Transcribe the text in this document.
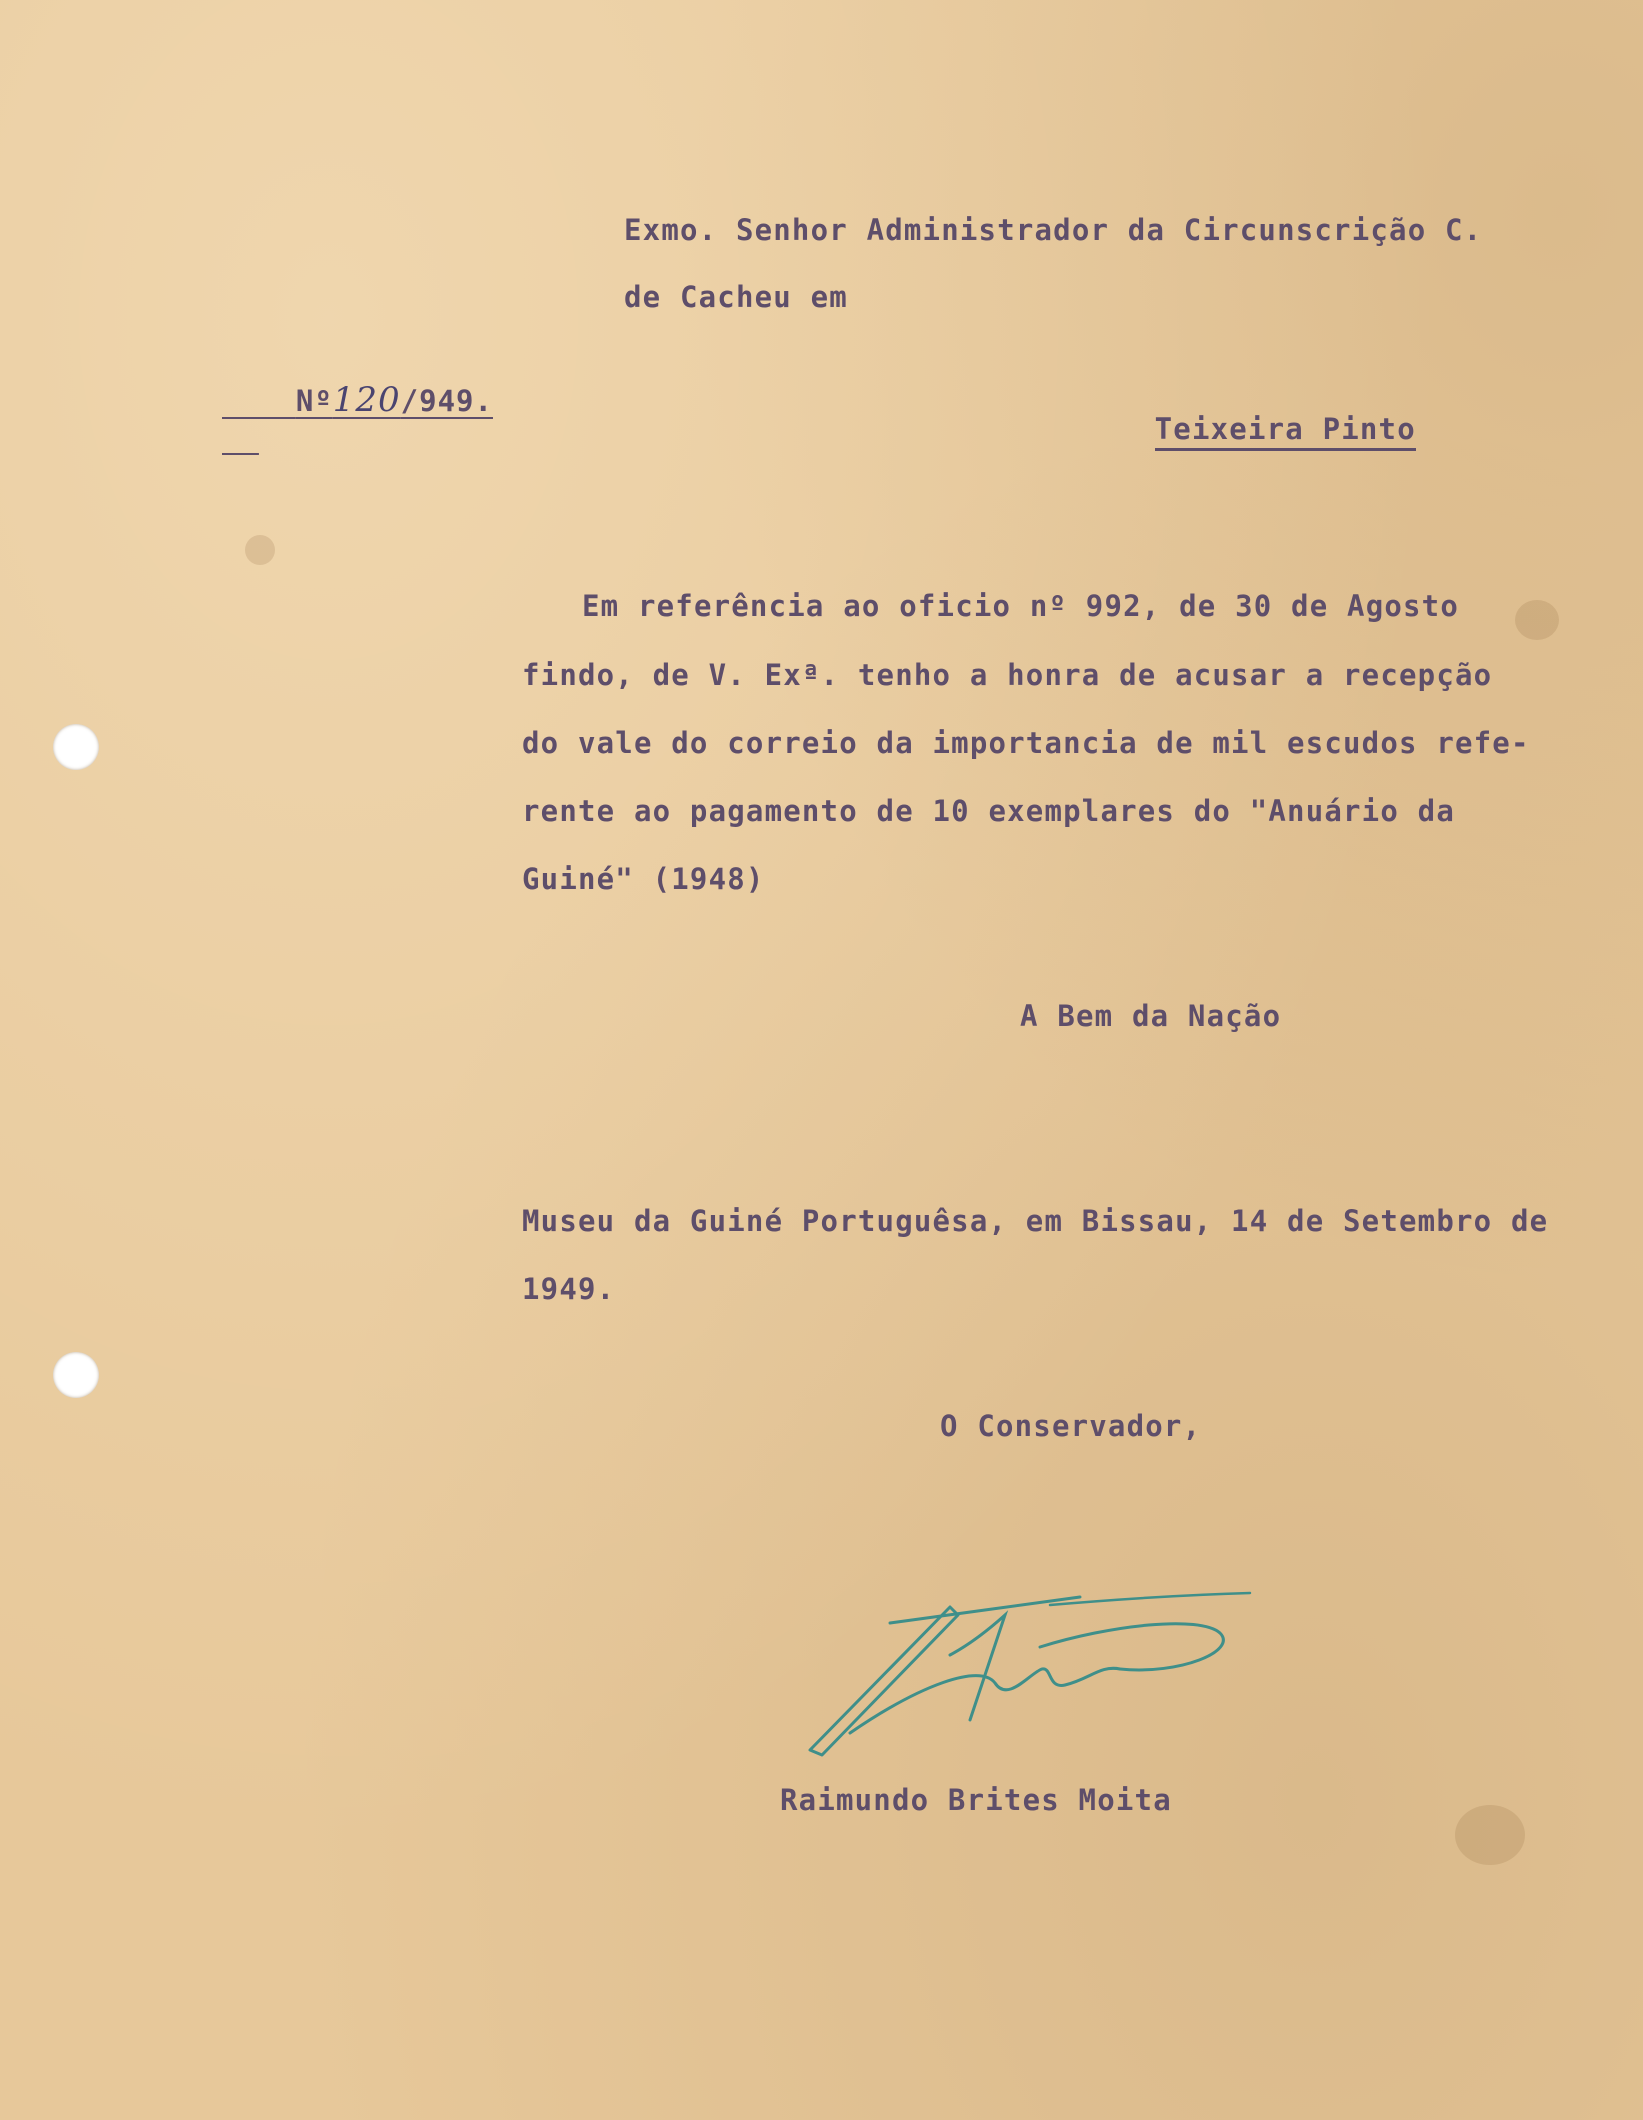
Exmo. Senhor Administrador da Circunscrição C.
de Cacheu em

Nº120/949.

Teixeira Pinto

Em referência ao oficio nº 992, de 30 de Agosto
findo, de V. Exª. tenho a honra de acusar a recepção
do vale do correio da importancia de mil escudos refe-
rente ao pagamento de 10 exemplares do "Anuário da
Guiné" (1948)
A Bem da Nação
Museu da Guiné Portuguêsa, em Bissau, 14 de Setembro de
1949.
O Conservador,
Raimundo Brites Moita
